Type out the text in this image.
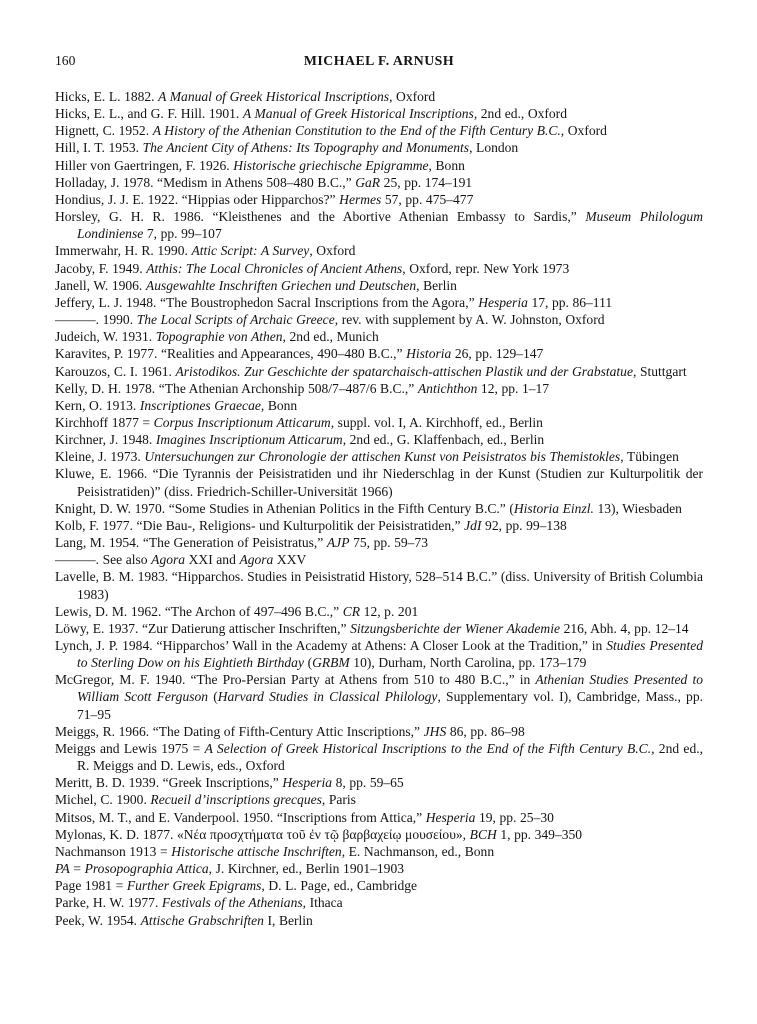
160	MICHAEL F. ARNUSH
Hicks, E. L. 1882. A Manual of Greek Historical Inscriptions, Oxford
Hicks, E. L., and G. F. Hill. 1901. A Manual of Greek Historical Inscriptions, 2nd ed., Oxford
Hignett, C. 1952. A History of the Athenian Constitution to the End of the Fifth Century B.C., Oxford
Hill, I. T. 1953. The Ancient City of Athens: Its Topography and Monuments, London
Hiller von Gaertringen, F. 1926. Historische griechische Epigramme, Bonn
Holladay, J. 1978. “Medism in Athens 508–480 B.C.,” GaR 25, pp. 174–191
Hondius, J. J. E. 1922. “Hippias oder Hipparchos?” Hermes 57, pp. 475–477
Horsley, G. H. R. 1986. “Kleisthenes and the Abortive Athenian Embassy to Sardis,” Museum Philologum Londiniense 7, pp. 99–107
Immerwahr, H. R. 1990. Attic Script: A Survey, Oxford
Jacoby, F. 1949. Atthis: The Local Chronicles of Ancient Athens, Oxford, repr. New York 1973
Janell, W. 1906. Ausgewahlte Inschriften Griechen und Deutschen, Berlin
Jeffery, L. J. 1948. “The Boustrophedon Sacral Inscriptions from the Agora,” Hesperia 17, pp. 86–111
———. 1990. The Local Scripts of Archaic Greece, rev. with supplement by A. W. Johnston, Oxford
Judeich, W. 1931. Topographie von Athen, 2nd ed., Munich
Karavites, P. 1977. “Realities and Appearances, 490–480 B.C.,” Historia 26, pp. 129–147
Karouzos, C. I. 1961. Aristodikos. Zur Geschichte der spatarchaisch-attischen Plastik und der Grabstatue, Stuttgart
Kelly, D. H. 1978. “The Athenian Archonship 508/7–487/6 B.C.,” Antichthon 12, pp. 1–17
Kern, O. 1913. Inscriptiones Graecae, Bonn
Kirchhoff 1877 = Corpus Inscriptionum Atticarum, suppl. vol. I, A. Kirchhoff, ed., Berlin
Kirchner, J. 1948. Imagines Inscriptionum Atticarum, 2nd ed., G. Klaffenbach, ed., Berlin
Kleine, J. 1973. Untersuchungen zur Chronologie der attischen Kunst von Peisistratos bis Themistokles, Tübingen
Kluwe, E. 1966. “Die Tyrannis der Peisistratiden und ihr Niederschlag in der Kunst (Studien zur Kulturpolitik der Peisistratiden)” (diss. Friedrich-Schiller-Universität 1966)
Knight, D. W. 1970. “Some Studies in Athenian Politics in the Fifth Century B.C.” (Historia Einzl. 13), Wiesbaden
Kolb, F. 1977. “Die Bau-, Religions- und Kulturpolitik der Peisistratiden,” JdI 92, pp. 99–138
Lang, M. 1954. “The Generation of Peisistratus,” AJP 75, pp. 59–73
———. See also Agora XXI and Agora XXV
Lavelle, B. M. 1983. “Hipparchos. Studies in Peisistratid History, 528–514 B.C.” (diss. University of British Columbia 1983)
Lewis, D. M. 1962. “The Archon of 497–496 B.C.,” CR 12, p. 201
Löwy, E. 1937. “Zur Datierung attischer Inschriften,” Sitzungsberichte der Wiener Akademie 216, Abh. 4, pp. 12–14
Lynch, J. P. 1984. “Hipparchos’ Wall in the Academy at Athens: A Closer Look at the Tradition,” in Studies Presented to Sterling Dow on his Eightieth Birthday (GRBM 10), Durham, North Carolina, pp. 173–179
McGregor, M. F. 1940. “The Pro-Persian Party at Athens from 510 to 480 B.C.,” in Athenian Studies Presented to William Scott Ferguson (Harvard Studies in Classical Philology, Supplementary vol. I), Cambridge, Mass., pp. 71–95
Meiggs, R. 1966. “The Dating of Fifth-Century Attic Inscriptions,” JHS 86, pp. 86–98
Meiggs and Lewis 1975 = A Selection of Greek Historical Inscriptions to the End of the Fifth Century B.C., 2nd ed., R. Meiggs and D. Lewis, eds., Oxford
Meritt, B. D. 1939. “Greek Inscriptions,” Hesperia 8, pp. 59–65
Michel, C. 1900. Recueil d’inscriptions grecques, Paris
Mitsos, M. T., and E. Vanderpool. 1950. “Inscriptions from Attica,” Hesperia 19, pp. 25–30
Mylonas, K. D. 1877. «Νέα προσχτήματα τοῦ ἐν τῷ βαρβαχείῳ μουσείου», BCH 1, pp. 349–350
Nachmanson 1913 = Historische attische Inschriften, E. Nachmanson, ed., Bonn
PA = Prosopographia Attica, J. Kirchner, ed., Berlin 1901–1903
Page 1981 = Further Greek Epigrams, D. L. Page, ed., Cambridge
Parke, H. W. 1977. Festivals of the Athenians, Ithaca
Peek, W. 1954. Attische Grabschriften I, Berlin
